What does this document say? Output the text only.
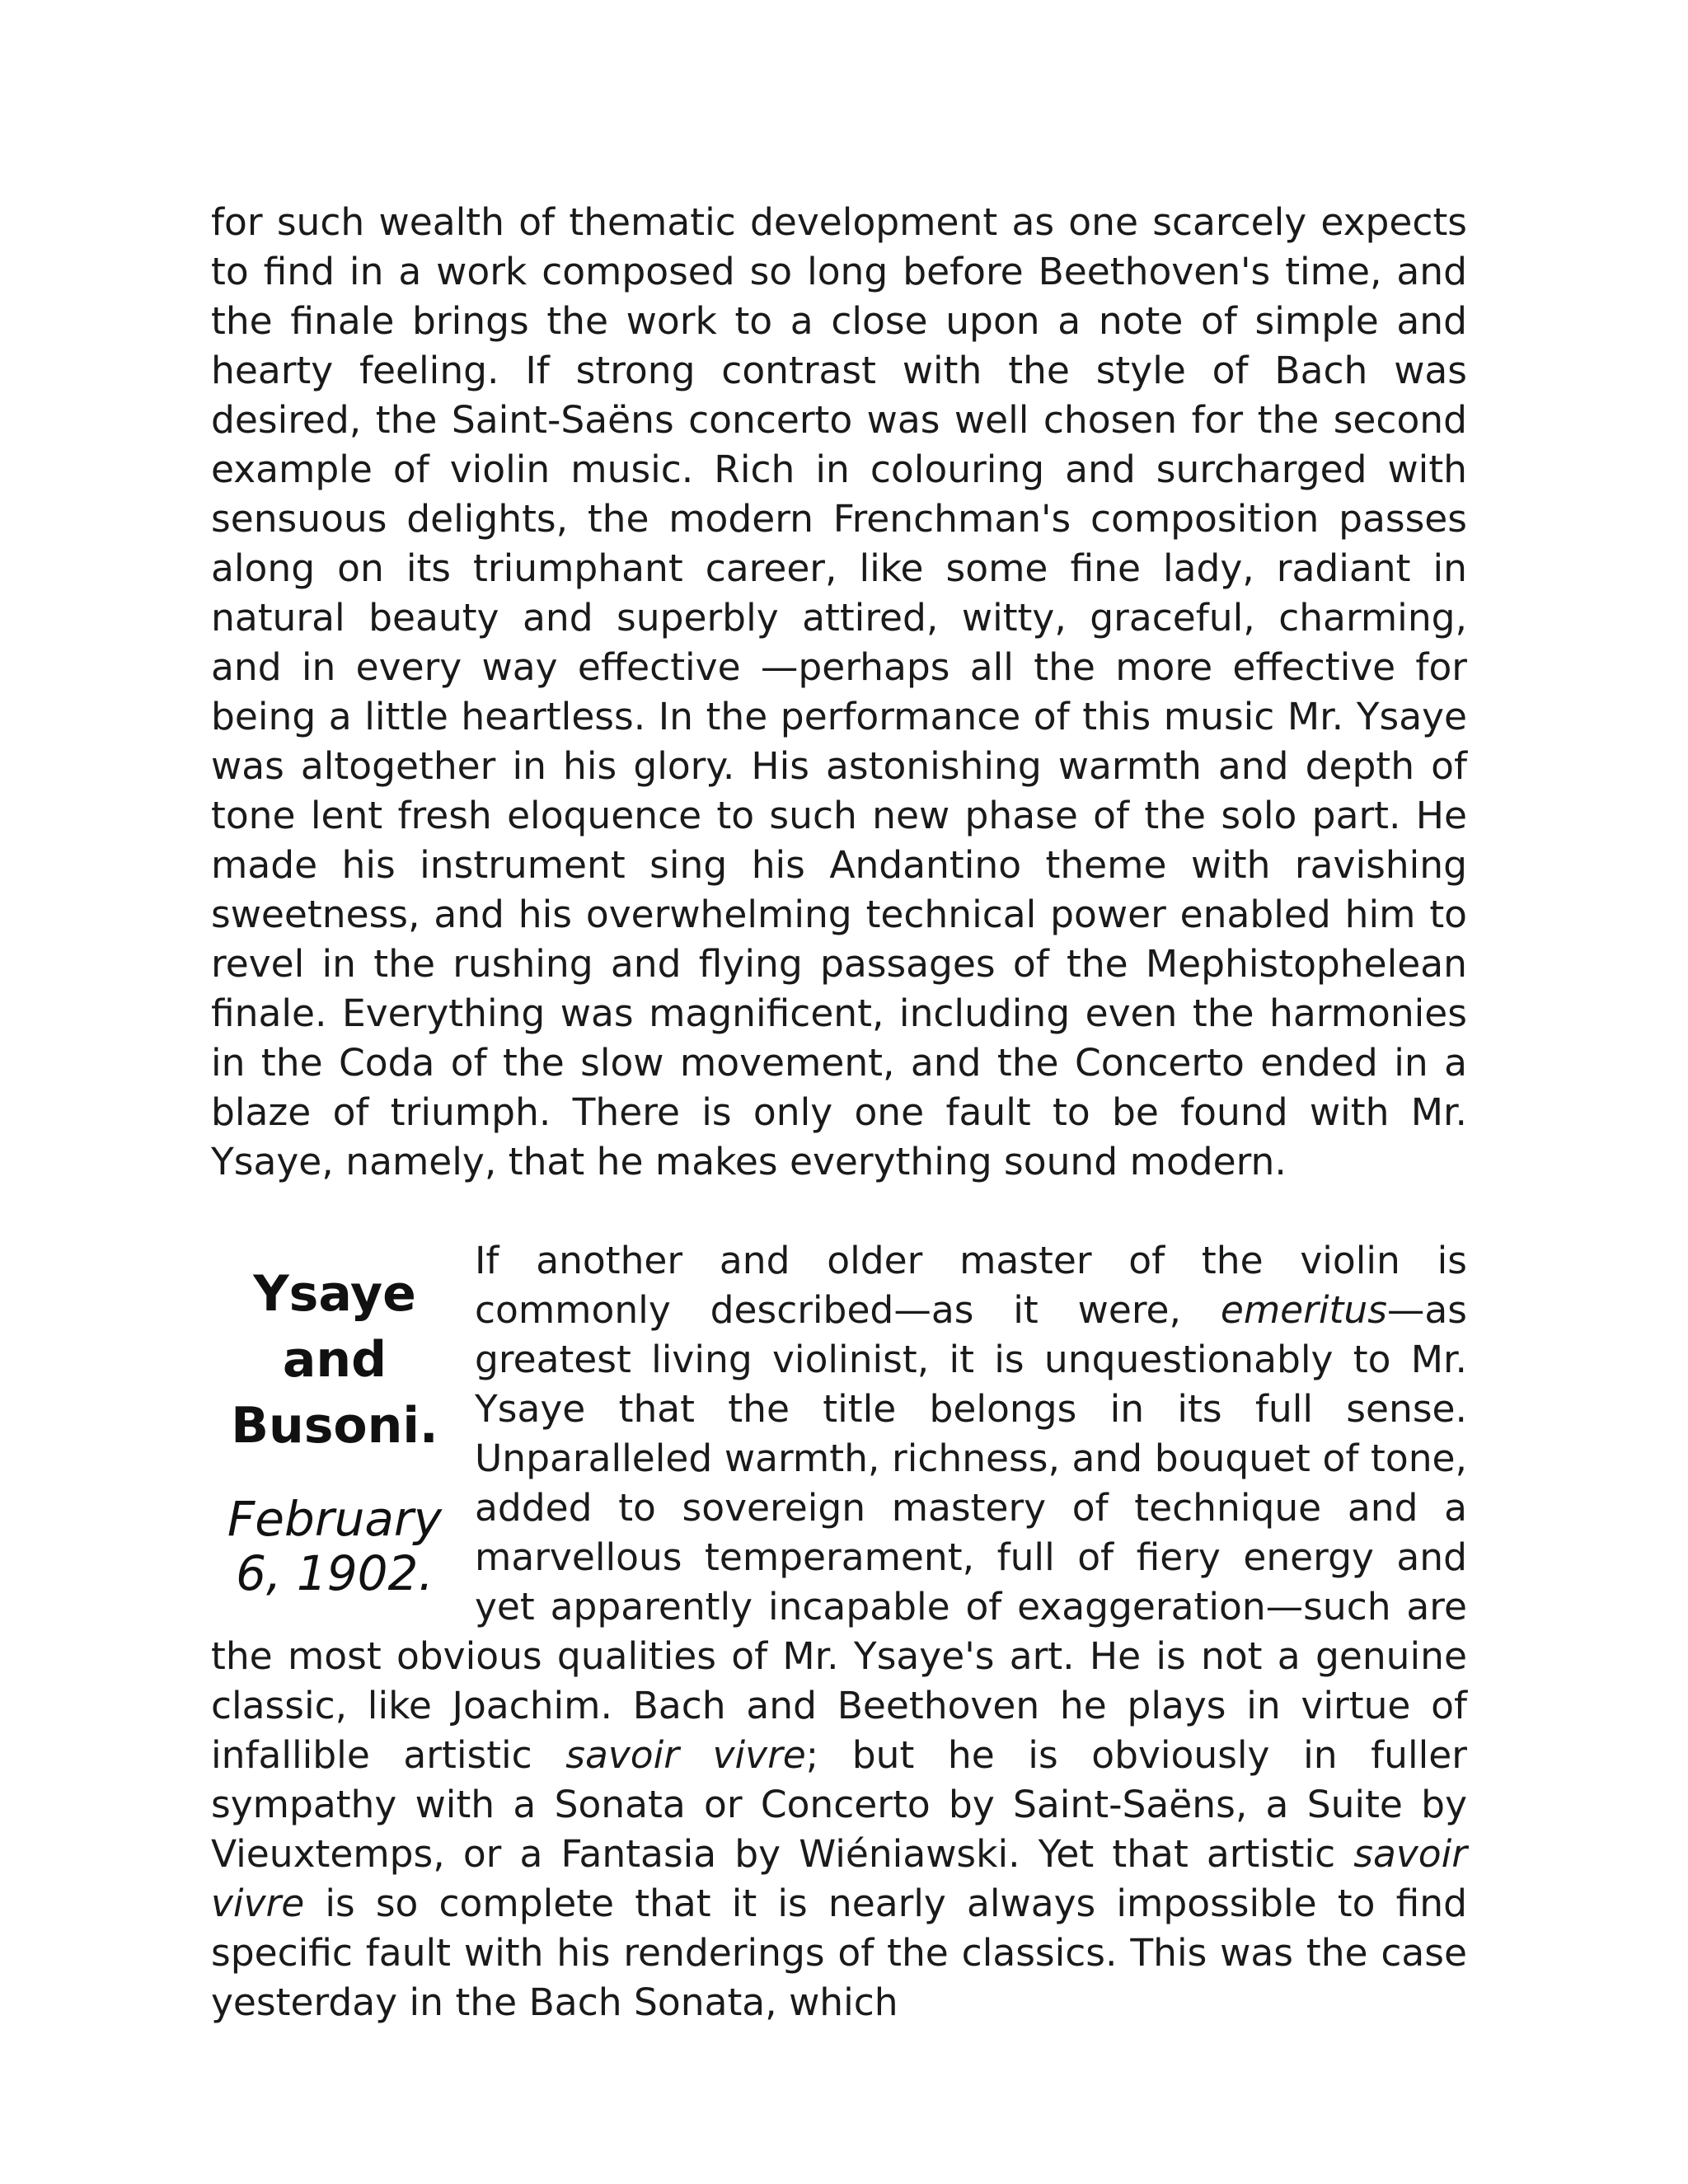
for such wealth of thematic development as one scarcely expects to find in a work composed so long before Beethoven's time, and the finale brings the work to a close upon a note of simple and hearty feeling. If strong contrast with the style of Bach was desired, the Saint-Saëns concerto was well chosen for the second example of violin music. Rich in colouring and surcharged with sensuous delights, the modern Frenchman's composition passes along on its triumphant career, like some fine lady, radiant in natural beauty and superbly attired, witty, graceful, charming, and in every way effective —perhaps all the more effective for being a little heartless. In the performance of this music Mr. Ysaye was altogether in his glory. His astonishing warmth and depth of tone lent fresh eloquence to such new phase of the solo part. He made his instrument sing his Andantino theme with ravishing sweetness, and his overwhelming technical power enabled him to revel in the rushing and flying passages of the Mephistophelean finale. Everything was magnificent, including even the harmonies in the Coda of the slow movement, and the Concerto ended in a blaze of triumph. There is only one fault to be found with Mr. Ysaye, namely, that he makes everything sound modern.

Ysaye and Busoni.

February 6, 1902.

If another and older master of the violin is commonly described—as it were, emeritus—as greatest living violinist, it is unquestionably to Mr. Ysaye that the title belongs in its full sense. Unparalleled warmth, richness, and bouquet of tone, added to sovereign mastery of technique and a marvellous temperament, full of fiery energy and yet apparently incapable of exaggeration—such are the most obvious qualities of Mr. Ysaye's art. He is not a genuine classic, like Joachim. Bach and Beethoven he plays in virtue of infallible artistic savoir vivre; but he is obviously in fuller sympathy with a Sonata or Concerto by Saint-Saëns, a Suite by Vieuxtemps, or a Fantasia by Wiéniawski. Yet that artistic savoir vivre is so complete that it is nearly always impossible to find specific fault with his renderings of the classics. This was the case yesterday in the Bach Sonata, which
